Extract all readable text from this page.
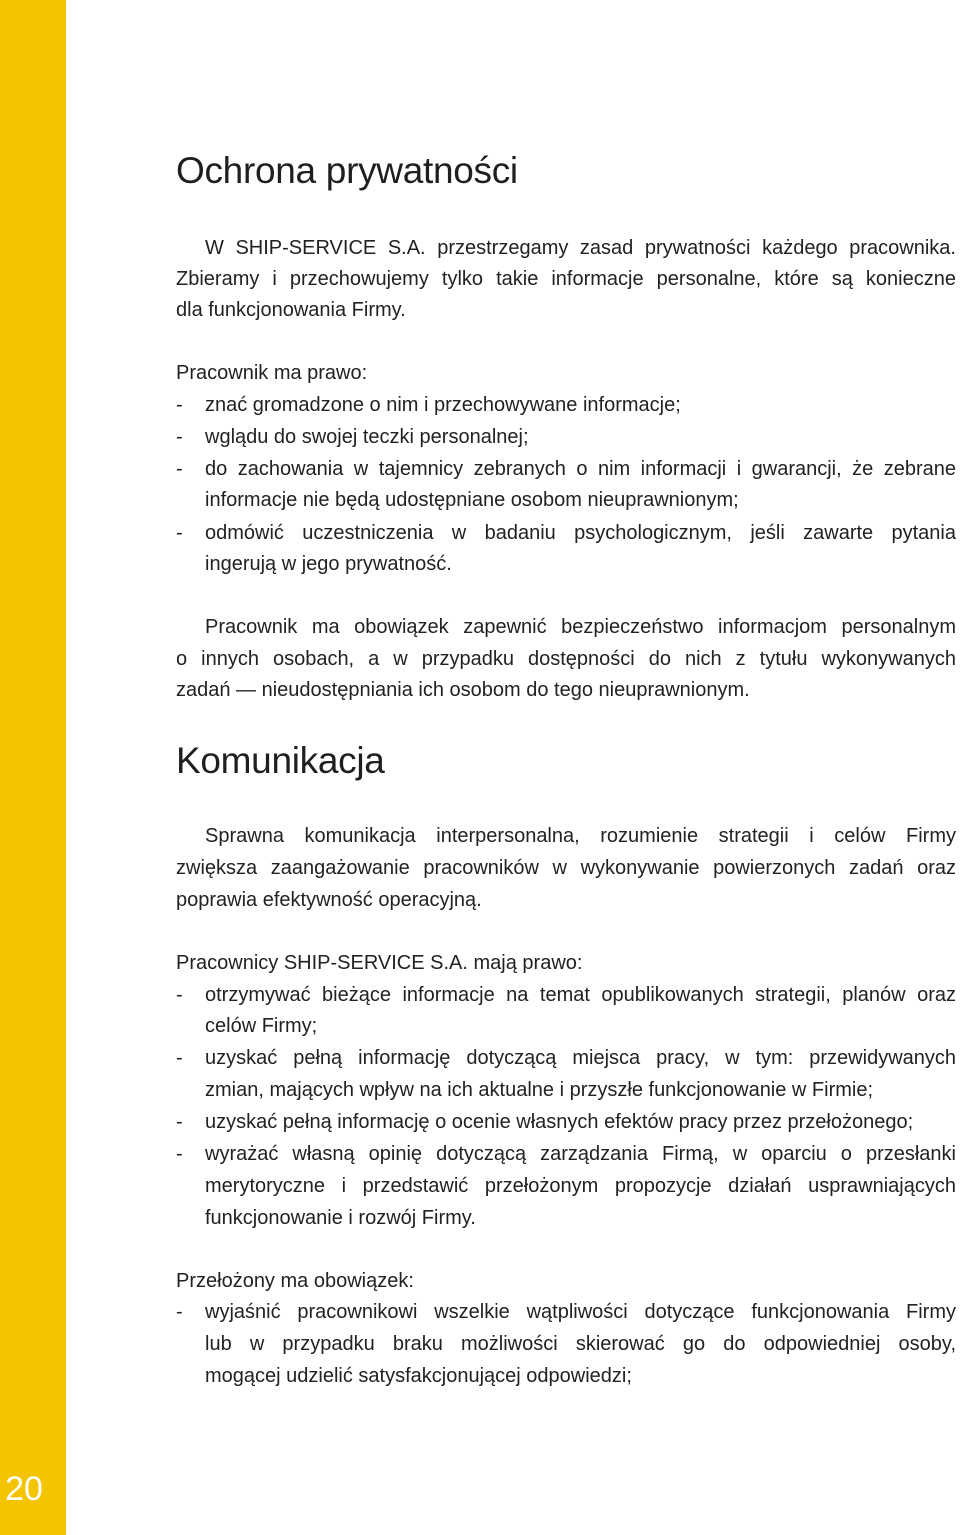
20
Ochrona prywatności
W SHIP-SERVICE S.A. przestrzegamy zasad prywatności każdego pracownika.
Zbieramy i przechowujemy tylko takie informacje personalne, które są konieczne
dla funkcjonowania Firmy.
Pracownik ma prawo:
- znać gromadzone o nim i przechowywane informacje;
- wglądu do swojej teczki personalnej;
- do zachowania w tajemnicy zebranych o nim informacji i gwarancji, że zebrane
informacje nie będą udostępniane osobom nieuprawnionym;
- odmówić uczestniczenia w badaniu psychologicznym, jeśli zawarte pytania
ingerują w jego prywatność.
Pracownik ma obowiązek zapewnić bezpieczeństwo informacjom personalnym
o innych osobach, a w przypadku dostępności do nich z tytułu wykonywanych
zadań — nieudostępniania ich osobom do tego nieuprawnionym.
Komunikacja
Sprawna komunikacja interpersonalna, rozumienie strategii i celów Firmy
zwiększa zaangażowanie pracowników w wykonywanie powierzonych zadań oraz
poprawia efektywność operacyjną.
Pracownicy SHIP-SERVICE S.A. mają prawo:
- otrzymywać bieżące informacje na temat opublikowanych strategii, planów oraz
celów Firmy;
- uzyskać pełną informację dotyczącą miejsca pracy, w tym: przewidywanych
zmian, mających wpływ na ich aktualne i przyszłe funkcjonowanie w Firmie;
- uzyskać pełną informację o ocenie własnych efektów pracy przez przełożonego;
- wyrażać własną opinię dotyczącą zarządzania Firmą, w oparciu o przesłanki
merytoryczne i przedstawić przełożonym propozycje działań usprawniających
funkcjonowanie i rozwój Firmy.
Przełożony ma obowiązek:
- wyjaśnić pracownikowi wszelkie wątpliwości dotyczące funkcjonowania Firmy
lub w przypadku braku możliwości skierować go do odpowiedniej osoby,
mogącej udzielić satysfakcjonującej odpowiedzi;
